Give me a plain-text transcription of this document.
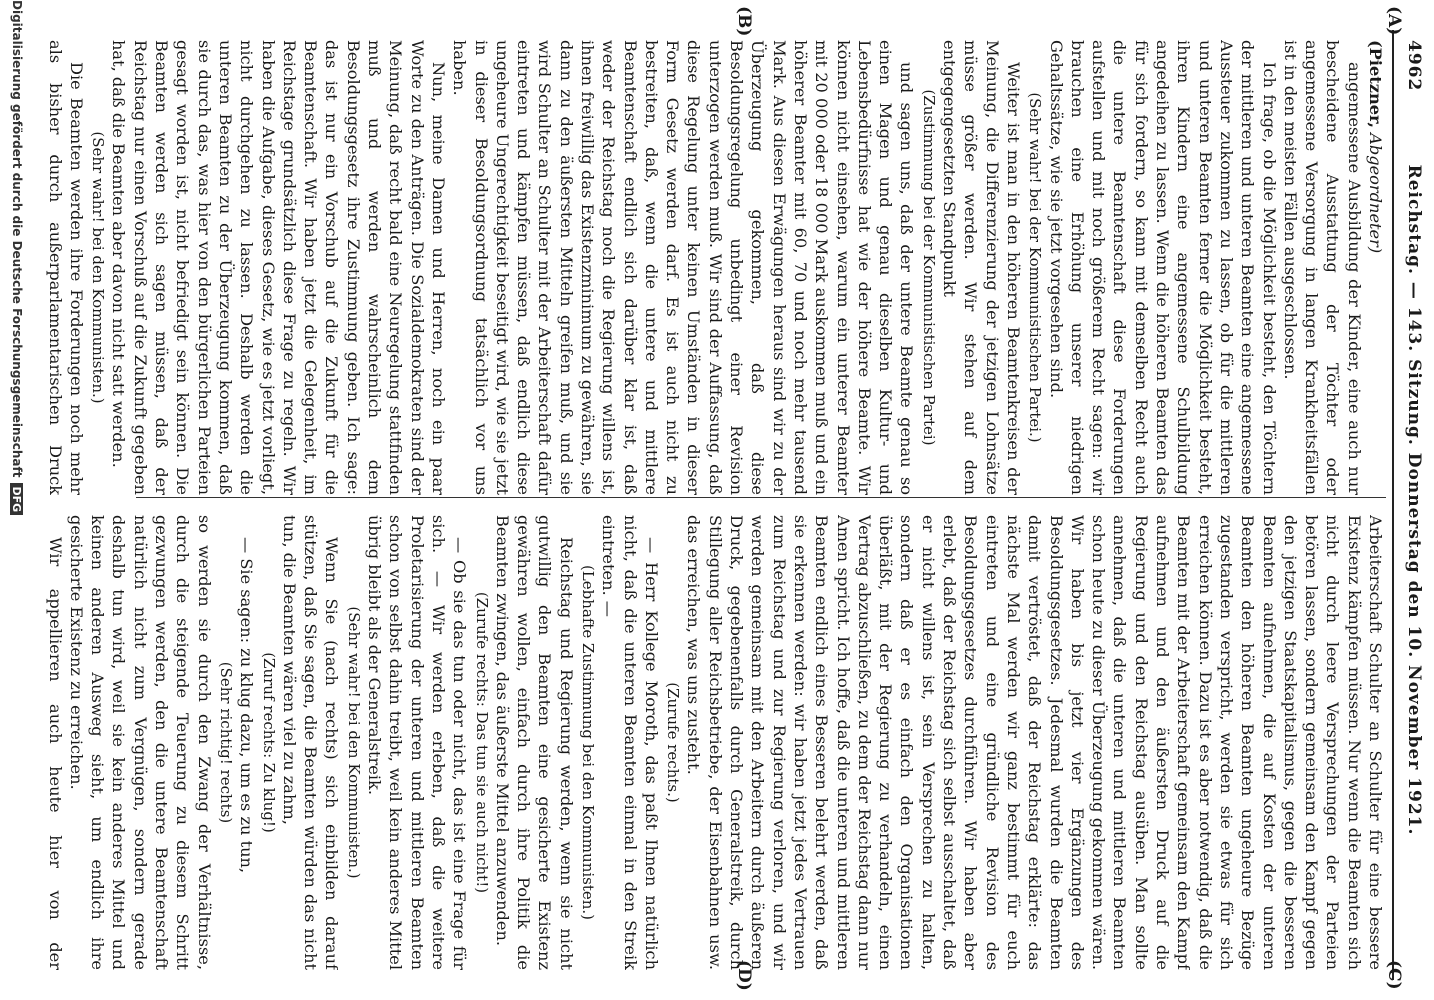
4962
Reichstag. — 143. Sitzung. Donnerstag den 10. November 1921.
(A)
(B)
(C)
(D)

(Pietzner, Abgeordneter)

angemessene Ausbildung der Kinder, eine auch nur bescheidene Ausstattung der Töchter oder angemessene Versorgung in langen Krankheitsfällen ist in den meisten Fällen ausgeschlossen.

Ich frage, ob die Möglichkeit besteht, den Töchtern der mittleren und unteren Beamten eine angemessene Aussteuer zukommen zu lassen, ob für die mittleren und unteren Beamten ferner die Möglichkeit besteht, ihren Kindern eine angemessene Schulbildung angedeihen zu lassen. Wenn die höheren Beamten das für sich fordern, so kann mit demselben Recht auch die untere Beamtenschaft diese Forderungen aufstellen und mit noch größerem Recht sagen: wir brauchen eine Erhöhung unserer niedrigen Gehaltssätze, wie sie jetzt vorgesehen sind.

(Sehr wahr! bei der Kommunistischen Partei.)

Weiter ist man in den höheren Beamtenkreisen der Meinung, die Differenzierung der jetzigen Lohnsätze müsse größer werden. Wir stehen auf dem entgegengesetzten Standpunkt

(Zustimmung bei der Kommunistischen Partei)

und sagen uns, daß der untere Beamte genau so einen Magen und genau dieselben Kultur- und Lebensbedürfnisse hat wie der höhere Beamte. Wir können nicht einsehen, warum ein unterer Beamter mit 20 000 oder 18 000 Mark auskommen muß und ein höherer Beamter mit 60, 70 und noch mehr tausend Mark. Aus diesen Erwägungen heraus sind wir zu der Überzeugung gekommen, daß diese Besoldungsregelung unbedingt einer Revision unterzogen werden muß. Wir sind der Auffassung, daß diese Regelung unter keinen Umständen in dieser Form Gesetz werden darf. Es ist auch nicht zu bestreiten, daß, wenn die untere und mittlere Beamtenschaft endlich sich darüber klar ist, daß weder der Reichstag noch die Regierung willens ist, ihnen freiwillig das Existenzminimum zu gewähren, sie dann zu den äußersten Mitteln greifen muß, und sie wird Schulter an Schulter mit der Arbeiterschaft dafür eintreten und kämpfen müssen, daß endlich diese ungeheure Ungerechtigkeit beseitigt wird, wie sie jetzt in dieser Besoldungsordnung tatsächlich vor uns haben.

Nun, meine Damen und Herren, noch ein paar Worte zu den Anträgen. Die Sozialdemokraten sind der Meinung, daß recht bald eine Neuregelung stattfinden muß und werden wahrscheinlich dem Besoldungsgesetz ihre Zustimmung geben. Ich sage: das ist nur ein Vorschub auf die Zukunft für die Beamtenschaft. Wir haben jetzt die Gelegenheit, im Reichstage grundsätzlich diese Frage zu regeln. Wir haben die Aufgabe, dieses Gesetz, wie es jetzt vorliegt, nicht durchgehen zu lassen. Deshalb werden die unteren Beamten zu der Überzeugung kommen, daß sie durch das, was hier von den bürgerlichen Parteien gesagt worden ist, nicht befriedigt sein können. Die Beamten werden sich sagen müssen, daß der Reichstag nur einen Vorschuß auf die Zukunft gegeben hat, daß die Beamten aber davon nicht satt werden.

(Sehr wahr! bei den Kommunisten.)

Die Beamten werden ihre Forderungen noch mehr als bisher durch außerparlamentarischen Druck

Arbeiterschaft Schulter an Schulter für eine bessere Existenz kämpfen müssen. Nur wenn die Beamten sich nicht durch leere Versprechungen der Parteien betören lassen, sondern gemeinsam den Kampf gegen den jetzigen Staatskapitalismus, gegen die besseren Beamten aufnehmen, die auf Kosten der unteren Beamten den höheren Beamten ungeheure Bezüge zugestanden verspricht, werden sie etwas für sich erreichen können. Dazu ist es aber notwendig, daß die Beamten mit der Arbeiterschaft gemeinsam den Kampf aufnehmen und den äußersten Druck auf die Regierung und den Reichstag ausüben. Man sollte annehmen, daß die unteren und mittleren Beamten schon heute zu dieser Überzeugung gekommen wären. Wir haben bis jetzt vier Ergänzungen des Besoldungsgesetzes. Jedesmal wurden die Beamten damit vertröstet, daß der Reichstag erklärte: das nächste Mal werden wir ganz bestimmt für euch eintreten und eine gründliche Revision des Besoldungsgesetzes durchführen. Wir haben aber erlebt, daß der Reichstag sich selbst ausschaltet, daß er nicht willens ist, sein Versprechen zu halten, sondern daß er es einfach den Organisationen überläßt, mit der Regierung zu verhandeln, einen Vertrag abzuschließen, zu dem der Reichstag dann nur Amen spricht. Ich hoffe, daß die unteren und mittleren Beamten endlich eines Besseren belehrt werden, daß sie erkennen werden: wir haben jetzt jedes Vertrauen zum Reichstag und zur Regierung verloren, und wir werden gemeinsam mit den Arbeitern durch äußeren Druck, gegebenenfalls durch Generalstreik, durch Stillegung aller Reichsbetriebe, der Eisenbahnen usw. das erreichen, was uns zusteht.

(Zurufe rechts.)

— Herr Kollege Moroth, das paßt Ihnen natürlich nicht, daß die unteren Beamten einmal in den Streik eintreten. —

(Lebhafte Zustimmung bei den Kommunisten.)

Reichstag und Regierung werden, wenn sie nicht gutwillig den Beamten eine gesicherte Existenz gewähren wollen, einfach durch ihre Politik die Beamten zwingen, das äußerste Mittel anzuwenden.

(Zurufe rechts: Das tun sie auch nicht!)

— Ob sie das tun oder nicht, das ist eine Frage für sich. — Wir werden erleben, daß die weitere Proletarisierung der unteren und mittleren Beamten schon von selbst dahin treibt, weil kein anderes Mittel übrig bleibt als der Generalstreik.

(Sehr wahr! bei den Kommunisten.)

Wenn Sie (nach rechts) sich einbilden darauf stützen, daß Sie sagen, die Beamten würden das nicht tun, die Beamten wären viel zu zahm,

(Zuruf rechts: Zu klug!)

— Sie sagen: zu klug dazu, um es zu tun,

(Sehr richtig! rechts)

so werden sie durch den Zwang der Verhältnisse, durch die steigende Teuerung zu diesem Schritt gezwungen werden, den die untere Beamtenschaft natürlich nicht zum Vergnügen, sondern gerade deshalb tun wird, weil sie kein anderes Mittel und keinen anderen Ausweg sieht, um endlich ihre gesicherte Existenz zu erreichen.

Wir appellieren auch heute hier von der

Digitalisierung gefördert durch die Deutsche ForschungsgemeinschaftDFG
